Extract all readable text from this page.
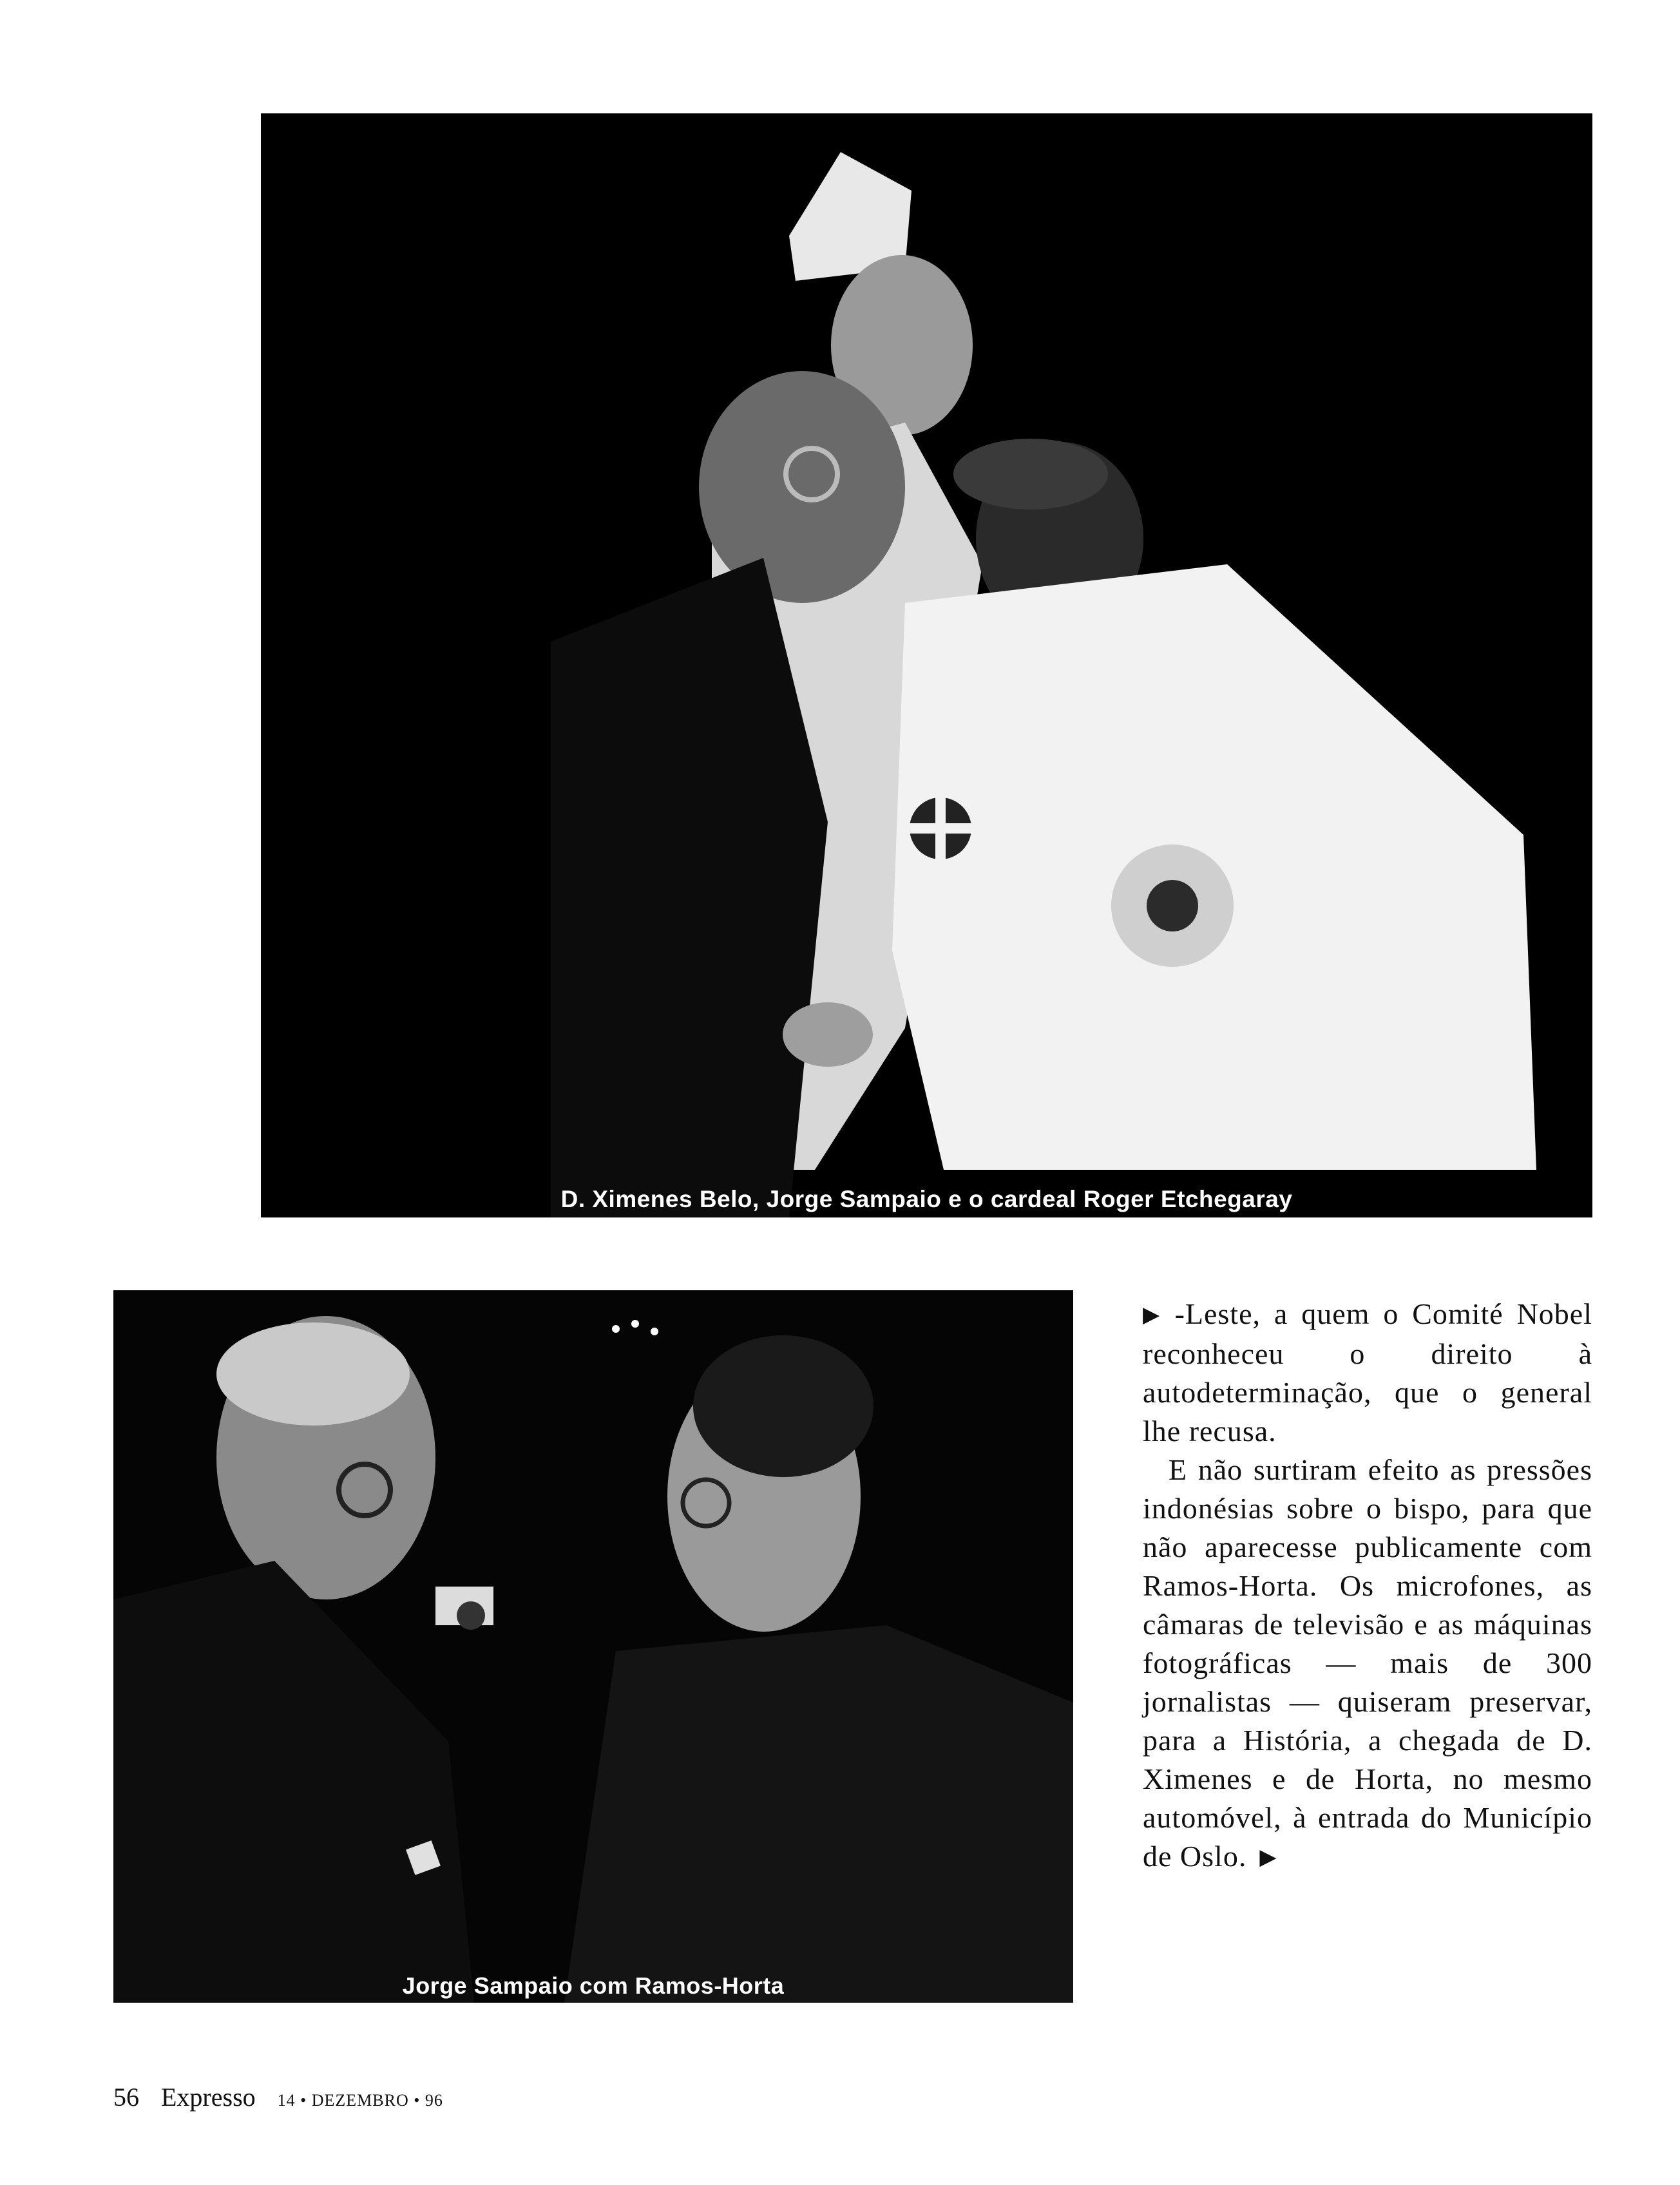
D. Ximenes Belo, Jorge Sampaio e o cardeal Roger Etchegaray
Jorge Sampaio com Ramos-Horta

▶ -Leste, a quem o Comité Nobel reconheceu o direito à autodeterminação, que o general lhe recusa.

E não surtiram efeito as pressões indonésias sobre o bispo, para que não aparecesse publicamente com Ramos-Horta. Os microfones, as câmaras de televisão e as máquinas fotográficas — mais de 300 jornalistas — quiseram preservar, para a História, a chegada de D. Ximenes e de Horta, no mesmo automóvel, à entrada do Município de Oslo. ▶

56 Expresso 14 • DEZEMBRO • 96
